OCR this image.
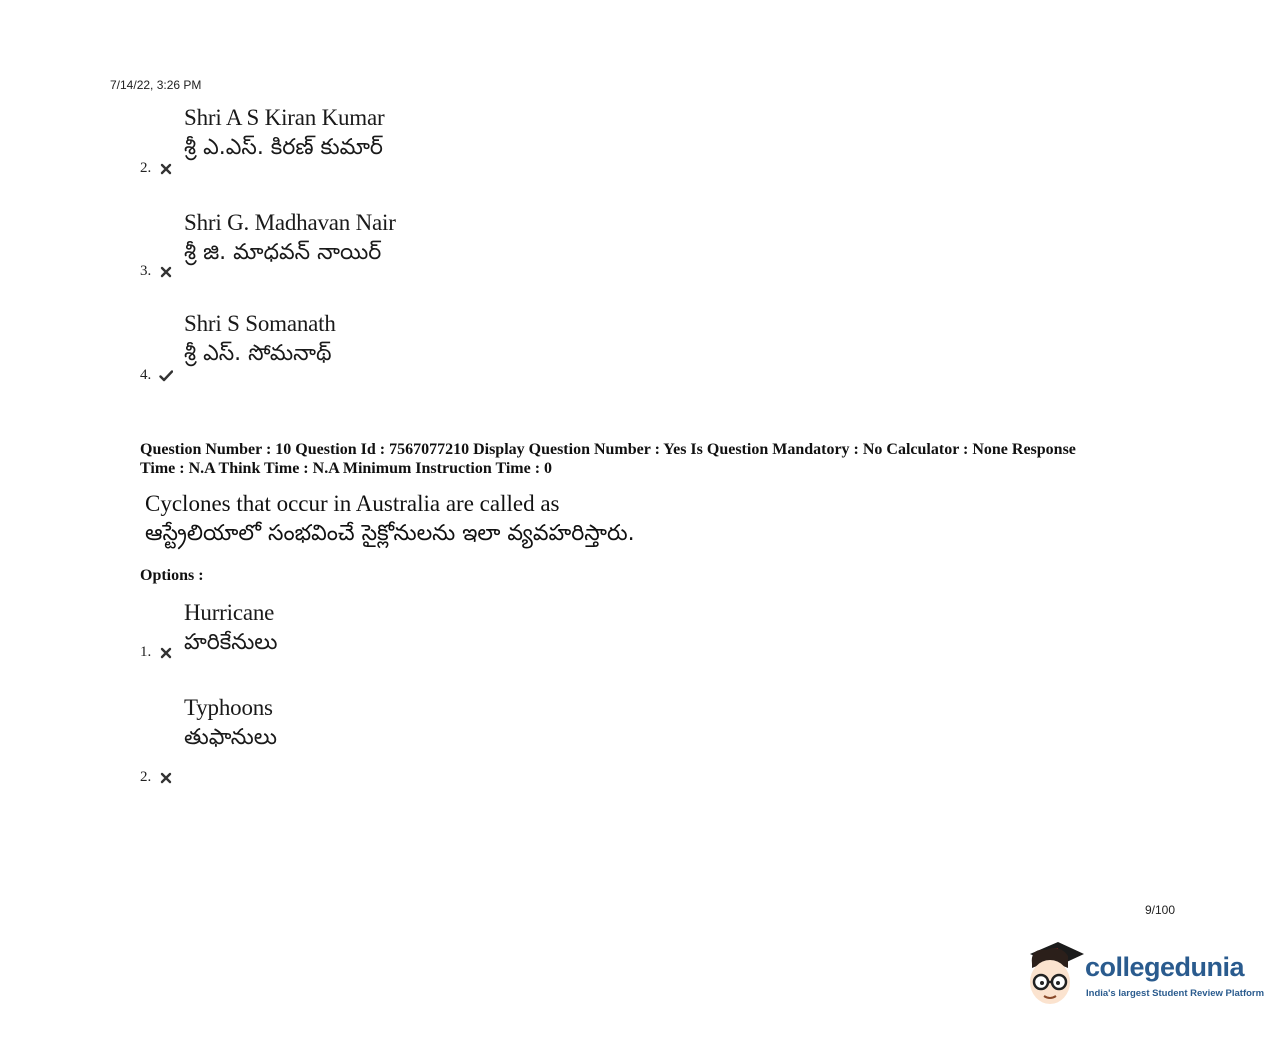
7/14/22, 3:26 PM
Shri A S Kiran Kumar
శ్రీ ఎ.ఎస్. కిరణ్ కుమార్
2.
Shri G. Madhavan Nair
శ్రీ జి. మాధవన్ నాయిర్
3.
Shri S Somanath
శ్రీ ఎస్. సోమనాథ్
4.
Question Number : 10 Question Id : 7567077210 Display Question Number : Yes Is Question Mandatory : No Calculator : None Response
Time : N.A Think Time : N.A Minimum Instruction Time : 0
Cyclones that occur in Australia are called as
ఆస్ట్రేలియాలో సంభవించే సైక్లోనులను ఇలా వ్యవహరిస్తారు.
Options :
Hurricane
హరికేనులు
1.
Typhoons
తుఫానులు
2.
9/100
collegedunia
India's largest Student Review Platform
